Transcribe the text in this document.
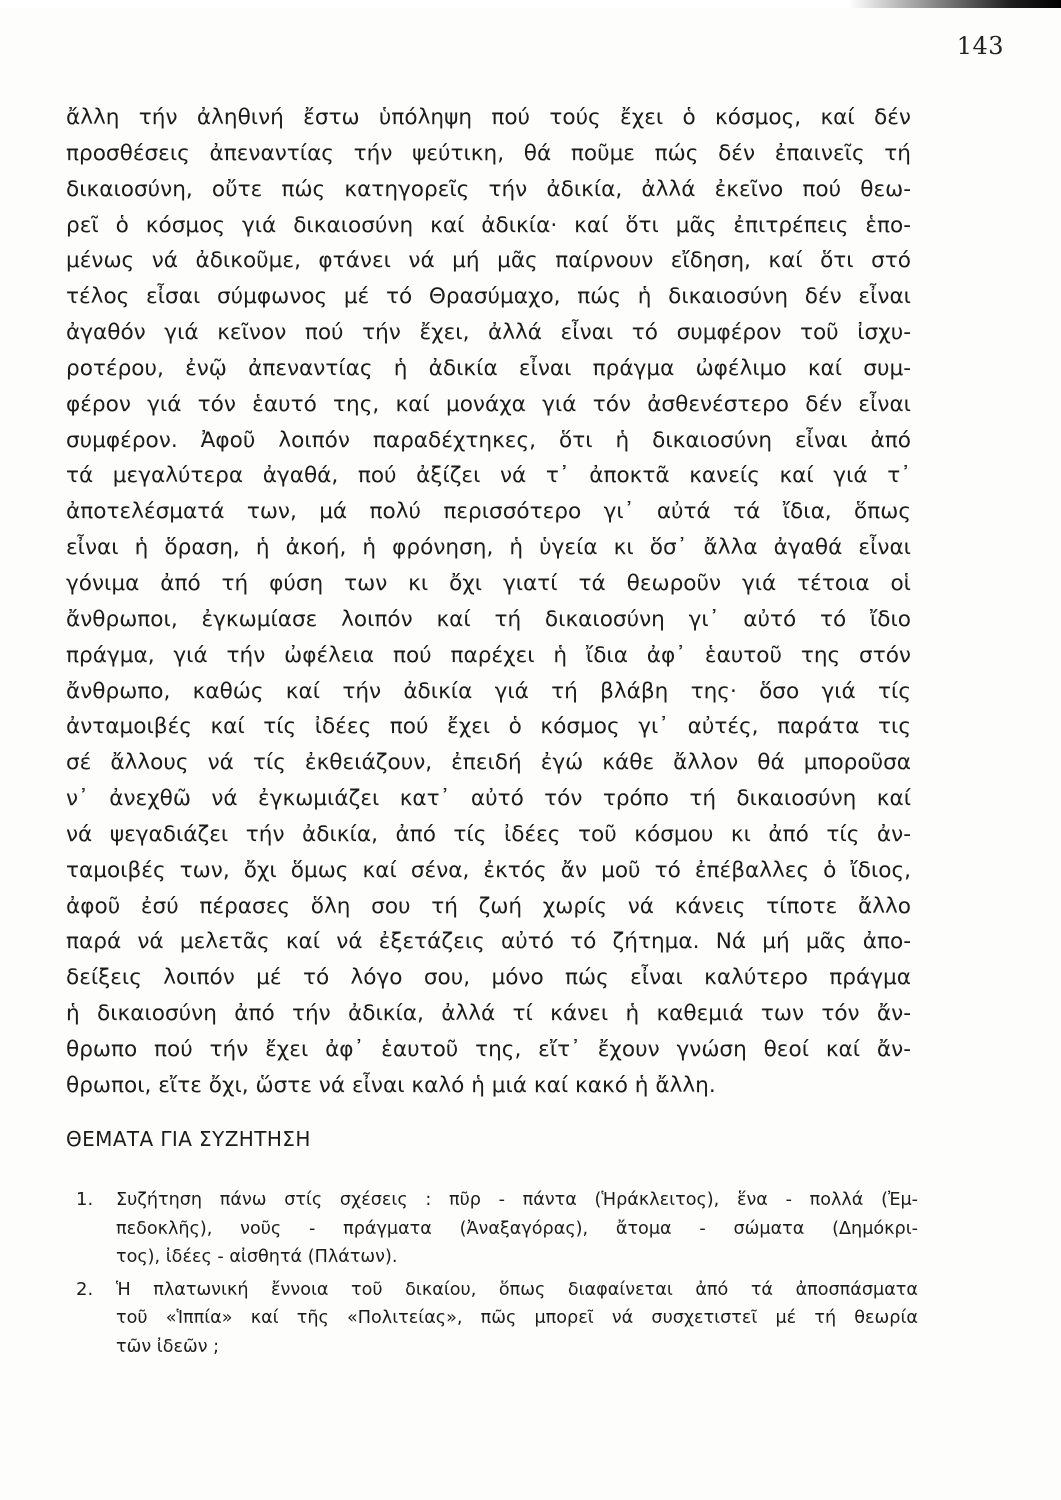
143
ἄλλη τήν ἀληθινή ἔστω ὑπόληψη πού τούς ἔχει ὁ κόσμος, καί δέν
προσθέσεις ἀπεναντίας τήν ψεύτικη, θά ποῦμε πώς δέν ἐπαινεῖς τή
δικαιοσύνη, οὔτε πώς κατηγορεῖς τήν ἀδικία, ἀλλά ἐκεῖνο πού θεω-
ρεῖ ὁ κόσμος γιά δικαιοσύνη καί ἀδικία· καί ὅτι μᾶς ἐπιτρέπεις ἑπο-
μένως νά ἀδικοῦμε, φτάνει νά μή μᾶς παίρνουν εἴδηση, καί ὅτι στό
τέλος εἶσαι σύμφωνος μέ τό Θρασύμαχο, πώς ἡ δικαιοσύνη δέν εἶναι
ἀγαθόν γιά κεῖνον πού τήν ἔχει, ἀλλά εἶναι τό συμφέρον τοῦ ἰσχυ-
ροτέρου, ἐνῷ ἀπεναντίας ἡ ἀδικία εἶναι πράγμα ὠφέλιμο καί συμ-
φέρον γιά τόν ἑαυτό της, καί μονάχα γιά τόν ἀσθενέστερο δέν εἶναι
συμφέρον. Ἀφοῦ λοιπόν παραδέχτηκες, ὅτι ἡ δικαιοσύνη εἶναι ἀπό
τά μεγαλύτερα ἀγαθά, πού ἀξίζει νά τ᾽ ἀποκτᾶ κανείς καί γιά τ᾽
ἀποτελέσματά των, μά πολύ περισσότερο γι᾽ αὐτά τά ἴδια, ὅπως
εἶναι ἡ ὅραση, ἡ ἀκοή, ἡ φρόνηση, ἡ ὑγεία κι ὅσ᾽ ἄλλα ἀγαθά εἶναι
γόνιμα ἀπό τή φύση των κι ὄχι γιατί τά θεωροῦν γιά τέτοια οἱ
ἄνθρωποι, ἐγκωμίασε λοιπόν καί τή δικαιοσύνη γι᾽ αὐτό τό ἴδιο
πράγμα, γιά τήν ὠφέλεια πού παρέχει ἡ ἴδια ἀφ᾽ ἑαυτοῦ της στόν
ἄνθρωπο, καθώς καί τήν ἀδικία γιά τή βλάβη της· ὅσο γιά τίς
ἀνταμοιβές καί τίς ἰδέες πού ἔχει ὁ κόσμος γι᾽ αὐτές, παράτα τις
σέ ἄλλους νά τίς ἐκθειάζουν, ἐπειδή ἐγώ κάθε ἄλλον θά μποροῦσα
ν᾽ ἀνεχθῶ νά ἐγκωμιάζει κατ᾽ αὐτό τόν τρόπο τή δικαιοσύνη καί
νά ψεγαδιάζει τήν ἀδικία, ἀπό τίς ἰδέες τοῦ κόσμου κι ἀπό τίς ἀν-
ταμοιβές των, ὄχι ὅμως καί σένα, ἐκτός ἄν μοῦ τό ἐπέβαλλες ὁ ἴδιος,
ἀφοῦ ἐσύ πέρασες ὅλη σου τή ζωή χωρίς νά κάνεις τίποτε ἄλλο
παρά νά μελετᾶς καί νά ἐξετάζεις αὐτό τό ζήτημα. Νά μή μᾶς ἀπο-
δείξεις λοιπόν μέ τό λόγο σου, μόνο πώς εἶναι καλύτερο πράγμα
ἡ δικαιοσύνη ἀπό τήν ἀδικία, ἀλλά τί κάνει ἡ καθεμιά των τόν ἄν-
θρωπο πού τήν ἔχει ἀφ᾽ ἑαυτοῦ της, εἴτ᾽ ἔχουν γνώση θεοί καί ἄν-
θρωποι, εἴτε ὄχι, ὥστε νά εἶναι καλό ἡ μιά καί κακό ἡ ἄλλη.
ΘΕΜΑΤΑ ΓΙΑ ΣΥΖΗΤΗΣΗ
1. Συζήτηση πάνω στίς σχέσεις : πῦρ - πάντα (Ἡράκλειτος), ἕνα - πολλά (Ἐμ-
πεδοκλῆς), νοῦς - πράγματα (Ἀναξαγόρας), ἄτομα - σώματα (Δημόκρι-
τος), ἰδέες - αἰσθητά (Πλάτων).
2. Ἡ πλατωνική ἔννοια τοῦ δικαίου, ὅπως διαφαίνεται ἀπό τά ἀποσπάσματα
τοῦ «Ἱππία» καί τῆς «Πολιτείας», πῶς μπορεῖ νά συσχετιστεῖ μέ τή θεωρία
τῶν ἰδεῶν ;
